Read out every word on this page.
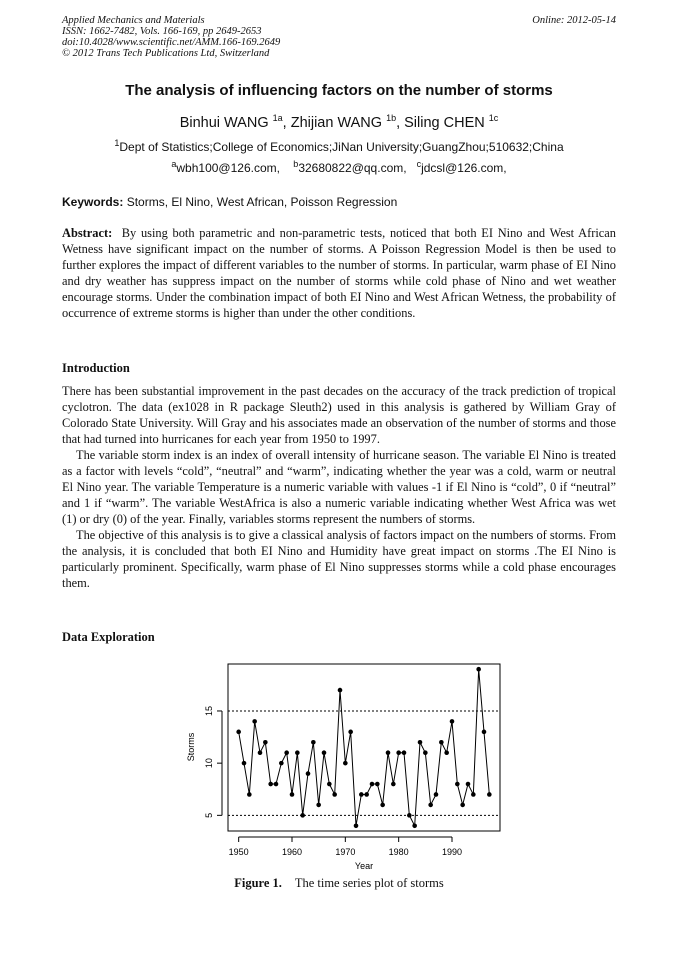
Applied Mechanics and Materials
ISSN: 1662-7482, Vols. 166-169, pp 2649-2653
doi:10.4028/www.scientific.net/AMM.166-169.2649
© 2012 Trans Tech Publications Ltd, Switzerland
Online: 2012-05-14
The analysis of influencing factors on the number of storms
Binhui WANG $^{1a}$, Zhijian WANG $^{1b}$, Siling CHEN $^{1c}$
$^1$Dept of Statistics;College of Economics;JiNan University;GuangZhou;510632;China
$^a$wbh100@126.com, $^b$32680822@qq.com, $^c$jdcsl@126.com,
Keywords: Storms, El Nino, West African, Poisson Regression
Abstract: By using both parametric and non-parametric tests, noticed that both EI Nino and West African Wetness have significant impact on the number of storms. A Poisson Regression Model is then be used to further explores the impact of different variables to the number of storms. In particular, warm phase of EI Nino and dry weather has suppress impact on the number of storms while cold phase of Nino and wet weather encourage storms. Under the combination impact of both EI Nino and West African Wetness, the probability of occurrence of extreme storms is higher than under the other conditions.
Introduction
There has been substantial improvement in the past decades on the accuracy of the track prediction of tropical cyclotron. The data (ex1028 in R package Sleuth2) used in this analysis is gathered by William Gray of Colorado State University. Will Gray and his associates made an observation of the number of storms and those that had turned into hurricanes for each year from 1950 to 1997.
The variable storm index is an index of overall intensity of hurricane season. The variable El Nino is treated as a factor with levels “cold”, “neutral” and “warm”, indicating whether the year was a cold, warm or neutral El Nino year. The variable Temperature is a numeric variable with values -1 if El Nino is “cold”, 0 if “neutral” and 1 if “warm”. The variable WestAfrica is also a numeric variable indicating whether West Africa was wet (1) or dry (0) of the year. Finally, variables storms represent the numbers of storms.
The objective of this analysis is to give a classical analysis of factors impact on the numbers of storms. From the analysis, it is concluded that both EI Nino and Humidity have great impact on storms .The EI Nino is particularly prominent. Specifically, warm phase of El Nino suppresses storms while a cold phase encourages them.
Data Exploration
1950	1960	1970	1980	1990
5
10
15
Year
Storms
Figure 1. The time series plot of storms
